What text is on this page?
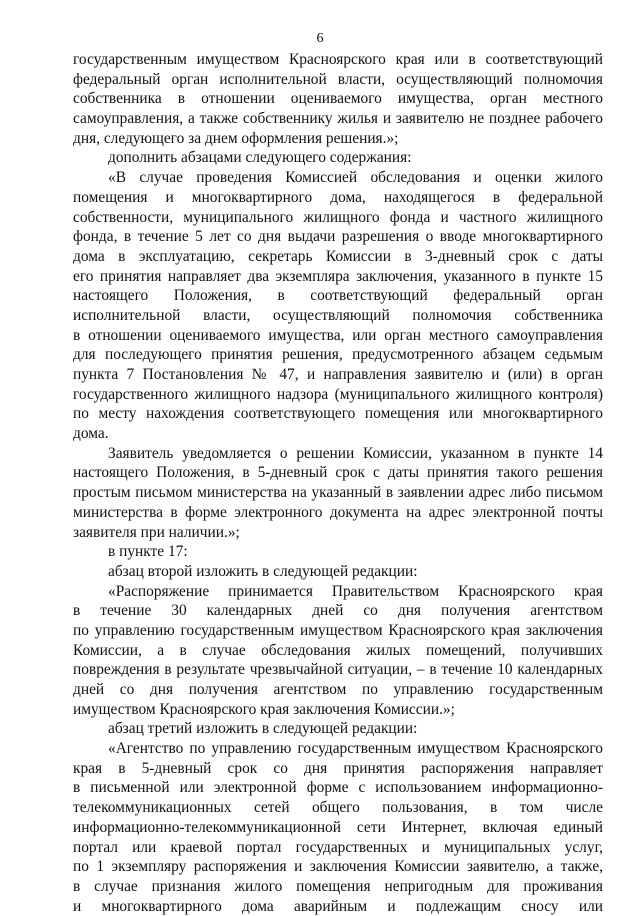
6
государственным имуществом Красноярского края или в соответствующий
федеральный орган исполнительной власти, осуществляющий полномочия
собственника в отношении оцениваемого имущества, орган местного
самоуправления, а также собственнику жилья и заявителю не позднее рабочего
дня, следующего за днем оформления решения.»;
дополнить абзацами следующего содержания:
«В случае проведения Комиссией обследования и оценки жилого
помещения и многоквартирного дома, находящегося в федеральной
собственности, муниципального жилищного фонда и частного жилищного
фонда, в течение 5 лет со дня выдачи разрешения о вводе многоквартирного
дома в эксплуатацию, секретарь Комиссии в 3-дневный срок с даты
его принятия направляет два экземпляра заключения, указанного в пункте 15
настоящего Положения, в соответствующий федеральный орган
исполнительной власти, осуществляющий полномочия собственника
в отношении оцениваемого имущества, или орган местного самоуправления
для последующего принятия решения, предусмотренного абзацем седьмым
пункта 7 Постановления № 47, и направления заявителю и (или) в орган
государственного жилищного надзора (муниципального жилищного контроля)
по месту нахождения соответствующего помещения или многоквартирного
дома.
Заявитель уведомляется о решении Комиссии, указанном в пункте 14
настоящего Положения, в 5-дневный срок с даты принятия такого решения
простым письмом министерства на указанный в заявлении адрес либо письмом
министерства в форме электронного документа на адрес электронной почты
заявителя при наличии.»;
в пункте 17:
абзац второй изложить в следующей редакции:
«Распоряжение принимается Правительством Красноярского края
в течение 30 календарных дней со дня получения агентством
по управлению государственным имуществом Красноярского края заключения
Комиссии, а в случае обследования жилых помещений, получивших
повреждения в результате чрезвычайной ситуации, – в течение 10 календарных
дней со дня получения агентством по управлению государственным
имуществом Красноярского края заключения Комиссии.»;
абзац третий изложить в следующей редакции:
«Агентство по управлению государственным имуществом Красноярского
края в 5-дневный срок со дня принятия распоряжения направляет
в письменной или электронной форме с использованием информационно-
телекоммуникационных сетей общего пользования, в том числе
информационно-телекоммуникационной сети Интернет, включая единый
портал или краевой портал государственных и муниципальных услуг,
по 1 экземпляру распоряжения и заключения Комиссии заявителю, а также,
в случае признания жилого помещения непригодным для проживания
и многоквартирного дома аварийным и подлежащим сносу или
